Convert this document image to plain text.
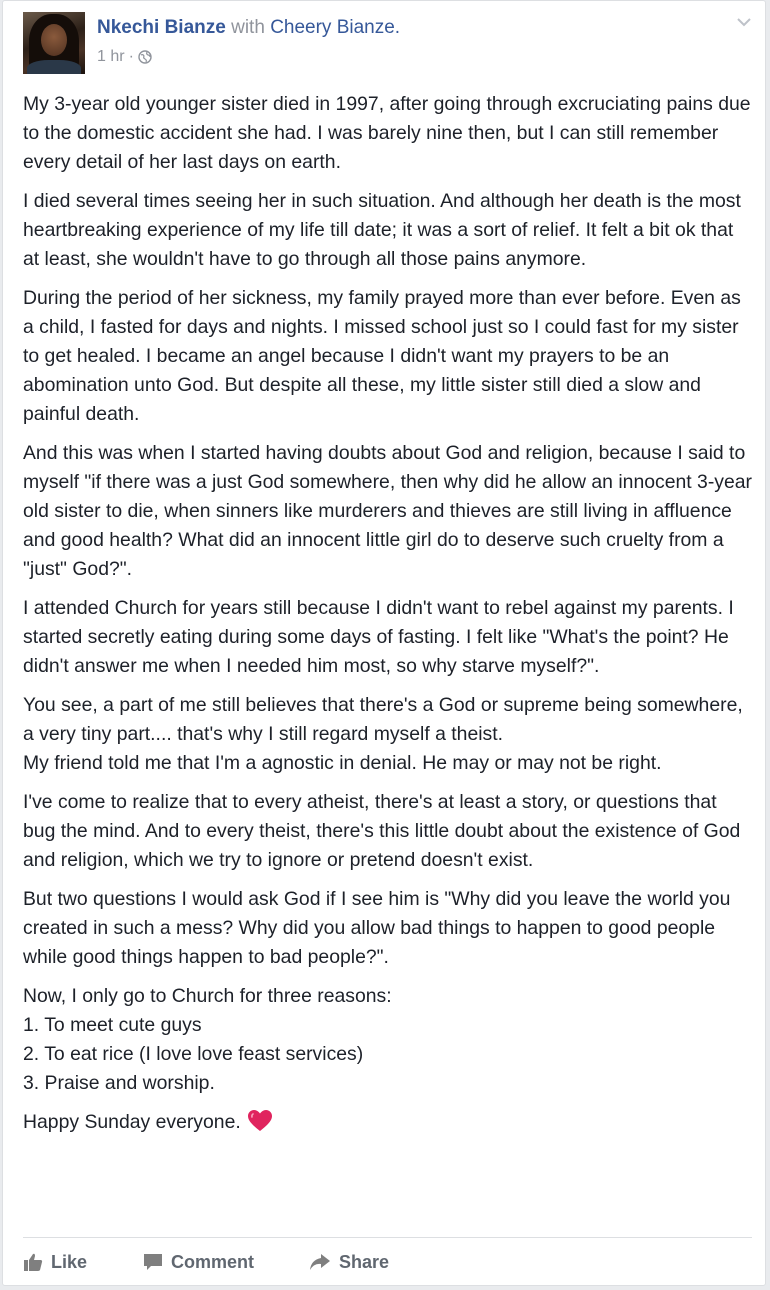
Nkechi Bianze with Cheery Bianze.
1 hr ·

My 3-year old younger sister died in 1997, after going through excruciating pains due to the domestic accident she had. I was barely nine then, but I can still remember every detail of her last days on earth.

I died several times seeing her in such situation. And although her death is the most heartbreaking experience of my life till date; it was a sort of relief. It felt a bit ok that at least, she wouldn't have to go through all those pains anymore.

During the period of her sickness, my family prayed more than ever before. Even as a child, I fasted for days and nights. I missed school just so I could fast for my sister to get healed. I became an angel because I didn't want my prayers to be an abomination unto God. But despite all these, my little sister still died a slow and painful death.

And this was when I started having doubts about God and religion, because I said to myself "if there was a just God somewhere, then why did he allow an innocent 3-year old sister to die, when sinners like murderers and thieves are still living in affluence and good health? What did an innocent little girl do to deserve such cruelty from a "just" God?".

I attended Church for years still because I didn't want to rebel against my parents. I started secretly eating during some days of fasting. I felt like "What's the point? He didn't answer me when I needed him most, so why starve myself?".

You see, a part of me still believes that there's a God or supreme being somewhere, a very tiny part.... that's why I still regard myself a theist.
My friend told me that I'm a agnostic in denial. He may or may not be right.

I've come to realize that to every atheist, there's at least a story, or questions that bug the mind. And to every theist, there's this little doubt about the existence of God and religion, which we try to ignore or pretend doesn't exist.

But two questions I would ask God if I see him is "Why did you leave the world you created in such a mess? Why did you allow bad things to happen to good people while good things happen to bad people?".

Now, I only go to Church for three reasons:
1. To meet cute guys
2. To eat rice (I love love feast services)
3. Praise and worship.

Happy Sunday everyone.

Like	Comment	Share
